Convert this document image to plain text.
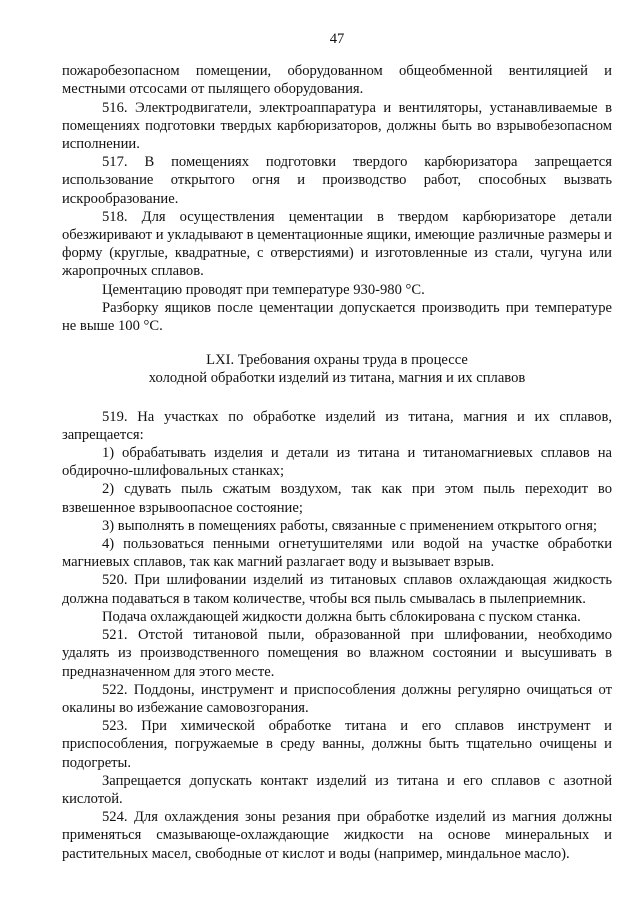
47

пожаробезопасном помещении, оборудованном общеобменной вентиляцией и местными отсосами от пылящего оборудования.

516. Электродвигатели, электроаппаратура и вентиляторы, устанавливаемые в помещениях подготовки твердых карбюризаторов, должны быть во взрывобезопасном исполнении.

517. В помещениях подготовки твердого карбюризатора запрещается использование открытого огня и производство работ, способных вызвать искрообразование.

518. Для осуществления цементации в твердом карбюризаторе детали обезжиривают и укладывают в цементационные ящики, имеющие различные размеры и форму (круглые, квадратные, с отверстиями) и изготовленные из стали, чугуна или жаропрочных сплавов.

Цементацию проводят при температуре 930-980 °С.

Разборку ящиков после цементации допускается производить при температуре не выше 100 °С.

LXI. Требования охраны труда в процессе
холодной обработки изделий из титана, магния и их сплавов

519. На участках по обработке изделий из титана, магния и их сплавов, запрещается:

1) обрабатывать изделия и детали из титана и титаномагниевых сплавов на обдирочно-шлифовальных станках;

2) сдувать пыль сжатым воздухом, так как при этом пыль переходит во взвешенное взрывоопасное состояние;

3) выполнять в помещениях работы, связанные с применением открытого огня;

4) пользоваться пенными огнетушителями или водой на участке обработки магниевых сплавов, так как магний разлагает воду и вызывает взрыв.

520. При шлифовании изделий из титановых сплавов охлаждающая жидкость должна подаваться в таком количестве, чтобы вся пыль смывалась в пылеприемник.

Подача охлаждающей жидкости должна быть сблокирована с пуском станка.

521. Отстой титановой пыли, образованной при шлифовании, необходимо удалять из производственного помещения во влажном состоянии и высушивать в предназначенном для этого месте.

522. Поддоны, инструмент и приспособления должны регулярно очищаться от окалины во избежание самовозгорания.

523. При химической обработке титана и его сплавов инструмент и приспособления, погружаемые в среду ванны, должны быть тщательно очищены и подогреты.

Запрещается допускать контакт изделий из титана и его сплавов с азотной кислотой.

524. Для охлаждения зоны резания при обработке изделий из магния должны применяться смазывающе-охлаждающие жидкости на основе минеральных и растительных масел, свободные от кислот и воды (например, миндальное масло).
